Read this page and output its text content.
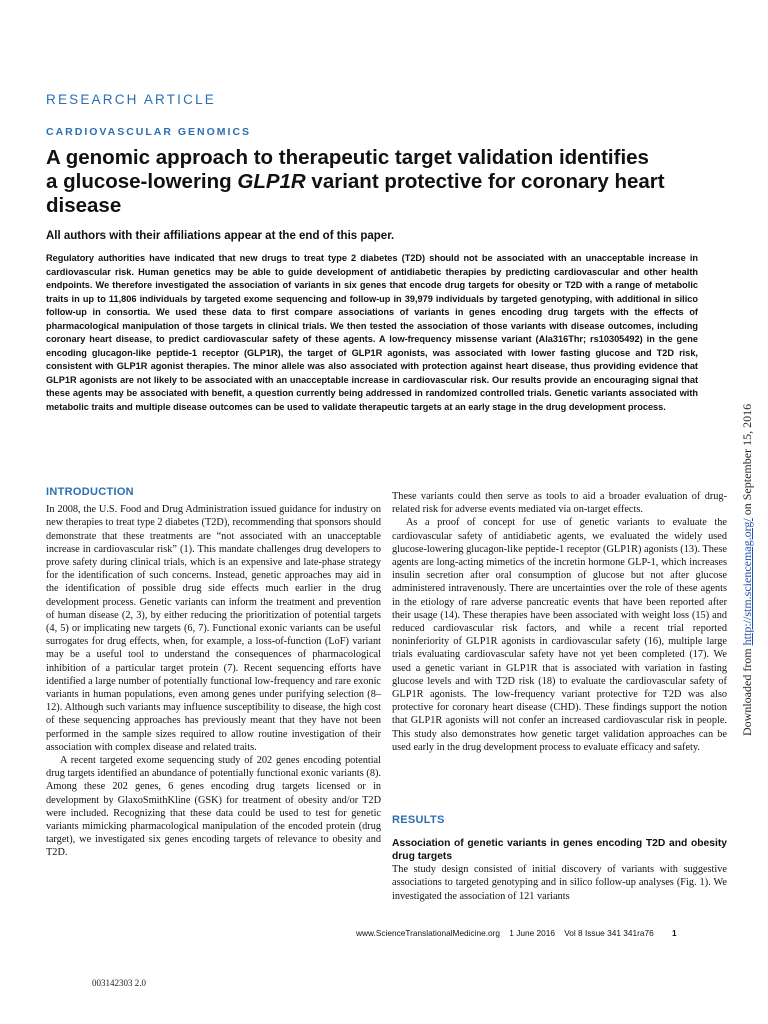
RESEARCH ARTICLE
CARDIOVASCULAR GENOMICS
A genomic approach to therapeutic target validation identifies a glucose-lowering GLP1R variant protective for coronary heart disease
All authors with their affiliations appear at the end of this paper.

Regulatory authorities have indicated that new drugs to treat type 2 diabetes (T2D) should not be associated with an unacceptable increase in cardiovascular risk. Human genetics may be able to guide development of antidiabetic therapies by predicting cardiovascular and other health endpoints. We therefore investigated the association of variants in six genes that encode drug targets for obesity or T2D with a range of metabolic traits in up to 11,806 individuals by targeted exome sequencing and follow-up in 39,979 individuals by targeted genotyping, with additional in silico follow-up in consortia. We used these data to first compare associations of variants in genes encoding drug targets with the effects of pharmacological manipulation of those targets in clinical trials. We then tested the association of those variants with disease outcomes, including coronary heart disease, to predict cardiovascular safety of these agents. A low-frequency missense variant (Ala316Thr; rs10305492) in the gene encoding glucagon-like peptide-1 receptor (GLP1R), the target of GLP1R agonists, was associated with lower fasting glucose and T2D risk, consistent with GLP1R agonist therapies. The minor allele was also associated with protection against heart disease, thus providing evidence that GLP1R agonists are not likely to be associated with an unacceptable increase in cardiovascular risk. Our results provide an encouraging signal that these agents may be associated with benefit, a question currently being addressed in randomized controlled trials. Genetic variants associated with metabolic traits and multiple disease outcomes can be used to validate therapeutic targets at an early stage in the drug development process.

Downloaded from http://stm.sciencemag.org/ on September 15, 2016
INTRODUCTION

In 2008, the U.S. Food and Drug Administration issued guidance for industry on new therapies to treat type 2 diabetes (T2D), recommending that sponsors should demonstrate that these treatments are “not associated with an unacceptable increase in cardiovascular risk” (1). This mandate challenges drug developers to prove safety during clinical trials, which is an expensive and late-phase strategy for the identification of such concerns. Instead, genetic approaches may aid in the identification of possible drug side effects much earlier in the drug development process. Genetic variants can inform the treatment and prevention of human disease (2, 3), by either reducing the prioritization of potential targets (4, 5) or implicating new targets (6, 7). Functional exonic variants can be useful surrogates for drug effects, when, for example, a loss-of-function (LoF) variant may be a useful tool to understand the consequences of pharmacological inhibition of a particular target protein (7). Recent sequencing efforts have identified a large number of potentially functional low-frequency and rare exonic variants in human populations, even among genes under purifying selection (8–12). Although such variants may influence susceptibility to disease, the high cost of these sequencing approaches has previously meant that they have not been performed in the sample sizes required to allow routine investigation of their association with complex disease and related traits.

A recent targeted exome sequencing study of 202 genes encoding potential drug targets identified an abundance of potentially functional exonic variants (8). Among these 202 genes, 6 genes encoding drug targets licensed or in development by GlaxoSmithKline (GSK) for treatment of obesity and/or T2D were included. Recognizing that these data could be used to test for genetic variants mimicking pharmacological manipulation of the encoded protein (drug target), we investigated six genes encoding targets of relevance to obesity and T2D.

These variants could then serve as tools to aid a broader evaluation of drug-related risk for adverse events mediated via on-target effects.

As a proof of concept for use of genetic variants to evaluate the cardiovascular safety of antidiabetic agents, we evaluated the widely used glucose-lowering glucagon-like peptide-1 receptor (GLP1R) agonists (13). These agents are long-acting mimetics of the incretin hormone GLP-1, which increases insulin secretion after oral consumption of glucose but not after glucose administered intravenously. There are uncertainties over the role of these agents in the etiology of rare adverse pancreatic events that have been reported after their usage (14). These therapies have been associated with weight loss (15) and reduced cardiovascular risk factors, and while a recent trial reported noninferiority of GLP1R agonists in cardiovascular safety (16), multiple large trials evaluating cardiovascular safety have not yet been completed (17). We used a genetic variant in GLP1R that is associated with variation in fasting glucose levels and with T2D risk (18) to evaluate the cardiovascular safety of GLP1R agonists. The low-frequency variant protective for T2D was also protective for coronary heart disease (CHD). These findings support the notion that GLP1R agonists will not confer an increased cardiovascular risk in people. This study also demonstrates how genetic target validation approaches can be used early in the drug development process to evaluate efficacy and safety.

RESULTS

Association of genetic variants in genes encoding T2D and obesity drug targets

The study design consisted of initial discovery of variants with suggestive associations to targeted genotyping and in silico follow-up analyses (Fig. 1). We investigated the association of 121 variants

www.ScienceTranslationalMedicine.org 1 June 2016 Vol 8 Issue 341 341ra76 1
003142303 2.0
